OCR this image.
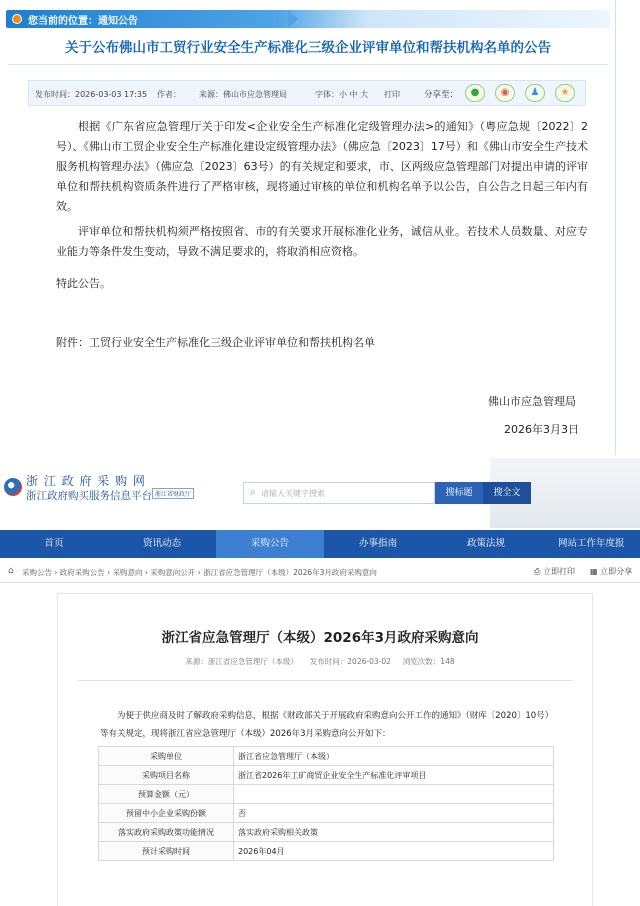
您当前的位置：通知公告
关于公布佛山市工贸行业安全生产标准化三级企业评审单位和帮扶机构名单的公告
发布时间：2026-03-03 17:35 作者： 来源：佛山市应急管理局	字体：小 中 大 打印	分享至：	●	◉	♟	★
根据《广东省应急管理厅关于印发<企业安全生产标准化定级管理办法>的通知》（粤应急规〔2022〕2号）、《佛山市工贸企业安全生产标准化建设定级管理办法》（佛应急〔2023〕17号）和《佛山市安全生产技术服务机构管理办法》（佛应急〔2023〕63号）的有关规定和要求，市、区两级应急管理部门对提出申请的评审单位和帮扶机构资质条件进行了严格审核，现将通过审核的单位和机构名单予以公告，自公告之日起三年内有效。
评审单位和帮扶机构须严格按照省、市的有关要求开展标准化业务，诚信从业。若技术人员数量、对应专业能力等条件发生变动，导致不满足要求的，将取消相应资格。
特此公告。
附件：工贸行业安全生产标准化三级企业评审单位和帮扶机构名单
佛山市应急管理局
2026年3月3日
浙 江 政 府 采 购 网
浙江政府购买服务信息平台 浙江省财政厅	⌕ 请输入关键字搜索	搜标题	搜全文
首页	资讯动态	采购公告	办事指南	政策法规	网站工作年度报
⌂ 采购公告 › 政府采购公告 › 采购意向 › 采购意向公开 › 浙江省应急管理厅（本级）2026年3月政府采购意向	⎙ 立即打印 ▦ 立即分享
浙江省应急管理厅（本级）2026年3月政府采购意向
来源：浙江省应急管理厅（本级） 发布时间：2026-03-02 浏览次数：148
为便于供应商及时了解政府采购信息，根据《财政部关于开展政府采购意向公开工作的通知》（财库〔2020〕10号）等有关规定，现将浙江省应急管理厅（本级）2026年3月采购意向公开如下：
采购单位	浙江省应急管理厅（本级）
采购项目名称	浙江省2026年工矿商贸企业安全生产标准化评审项目
预算金额（元）	
预留中小企业采购份额	否
落实政府采购政策功能情况	落实政府采购相关政策
预计采购时间	2026年04月
